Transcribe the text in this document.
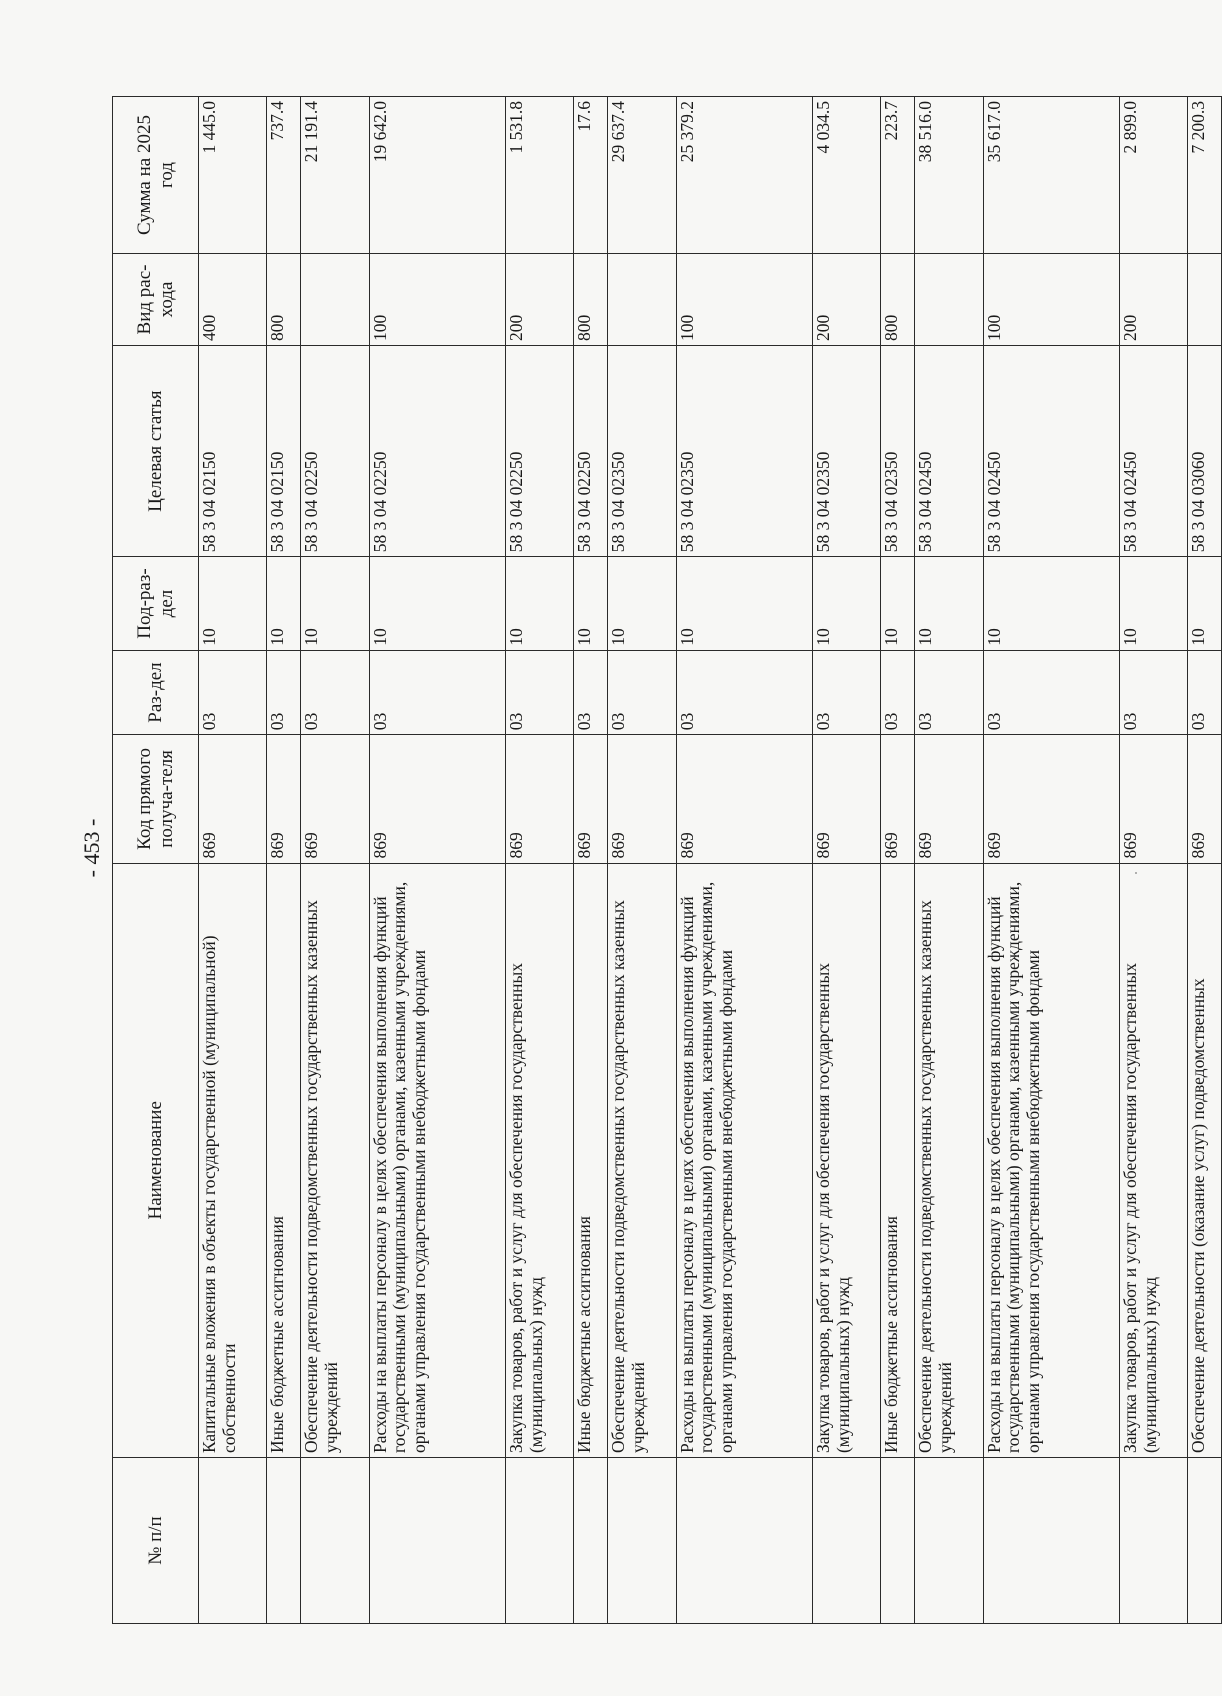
- 453 -
№ п/п	Наименование	Код прямого получа-теля	Раз-дел	Под-раз-дел	Целевая статья	Вид рас-хода	Сумма на 2025 год
	Капитальные вложения в объекты государственной (муниципальной) собственности	869	03	10	58 3 04 02150	400	1 445.0
	Иные бюджетные ассигнования	869	03	10	58 3 04 02150	800	737.4
	Обеспечение деятельности подведомственных государственных казенных учреждений	869	03	10	58 3 04 02250		21 191.4
	Расходы на выплаты персоналу в целях обеспечения выполнения функций государственными (муниципальными) органами, казенными учреждениями, органами управления государственными внебюджетными фондами	869	03	10	58 3 04 02250	100	19 642.0
	Закупка товаров, работ и услуг для обеспечения государственных (муниципальных) нужд	869	03	10	58 3 04 02250	200	1 531.8
	Иные бюджетные ассигнования	869	03	10	58 3 04 02250	800	17.6
	Обеспечение деятельности подведомственных государственных казенных учреждений	869	03	10	58 3 04 02350		29 637.4
	Расходы на выплаты персоналу в целях обеспечения выполнения функций государственными (муниципальными) органами, казенными учреждениями, органами управления государственными внебюджетными фондами	869	03	10	58 3 04 02350	100	25 379.2
	Закупка товаров, работ и услуг для обеспечения государственных (муниципальных) нужд	869	03	10	58 3 04 02350	200	4 034.5
	Иные бюджетные ассигнования	869	03	10	58 3 04 02350	800	223.7
	Обеспечение деятельности подведомственных государственных казенных учреждений	869	03	10	58 3 04 02450		38 516.0
	Расходы на выплаты персоналу в целях обеспечения выполнения функций государственными (муниципальными) органами, казенными учреждениями, органами управления государственными внебюджетными фондами	869	03	10	58 3 04 02450	100	35 617.0
	Закупка товаров, работ и услуг для обеспечения государственных (муниципальных) нужд	869	03	10	58 3 04 02450	200	2 899.0
	Обеспечение деятельности (оказание услуг) подведомственных	869	03	10	58 3 04 03060		7 200.3
